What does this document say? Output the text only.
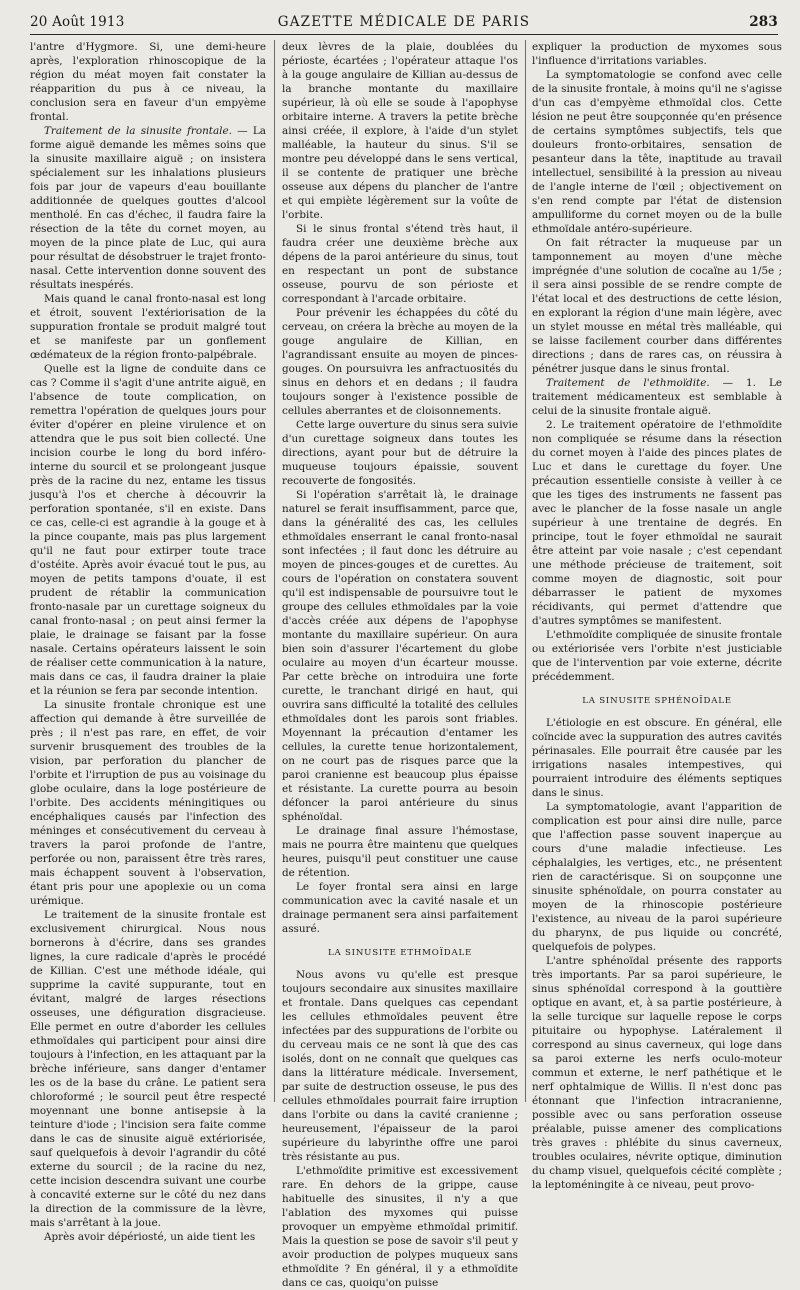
20 Août 1913	GAZETTE MÉDICALE DE PARIS	283

l'antre d'Hygmore. Si, une demi-heure après, l'exploration rhinoscopique de la région du méat moyen fait constater la réapparition du pus à ce niveau, la conclusion sera en faveur d'un empyème frontal.

Traitement de la sinusite frontale. — La forme aiguë demande les mêmes soins que la sinusite maxillaire aiguë ; on insistera spécialement sur les inhalations plusieurs fois par jour de vapeurs d'eau bouillante additionnée de quelques gouttes d'alcool mentholé. En cas d'échec, il faudra faire la résection de la tête du cornet moyen, au moyen de la pince plate de Luc, qui aura pour résultat de désobstruer le trajet fronto-nasal. Cette intervention donne souvent des résultats inespérés.

Mais quand le canal fronto-nasal est long et étroit, souvent l'extériorisation de la suppuration frontale se produit malgré tout et se manifeste par un gonflement œdémateux de la région fronto-palpébrale.

Quelle est la ligne de conduite dans ce cas ? Comme il s'agit d'une antrite aiguë, en l'absence de toute complication, on remettra l'opération de quelques jours pour éviter d'opérer en pleine virulence et on attendra que le pus soit bien collecté. Une incision courbe le long du bord inféro-interne du sourcil et se prolongeant jusque près de la racine du nez, entame les tissus jusqu'à l'os et cherche à découvrir la perforation spontanée, s'il en existe. Dans ce cas, celle-ci est agrandie à la gouge et à la pince coupante, mais pas plus largement qu'il ne faut pour extirper toute trace d'ostéite. Après avoir évacué tout le pus, au moyen de petits tampons d'ouate, il est prudent de rétablir la communication fronto-nasale par un curettage soigneux du canal fronto-nasal ; on peut ainsi fermer la plaie, le drainage se faisant par la fosse nasale. Certains opérateurs laissent le soin de réaliser cette communication à la nature, mais dans ce cas, il faudra drainer la plaie et la réunion se fera par seconde intention.

La sinusite frontale chronique est une affection qui demande à être surveillée de près ; il n'est pas rare, en effet, de voir survenir brusquement des troubles de la vision, par perforation du plancher de l'orbite et l'irruption de pus au voisinage du globe oculaire, dans la loge postérieure de l'orbite. Des accidents méningitiques ou encéphaliques causés par l'infection des méninges et consécutivement du cerveau à travers la paroi profonde de l'antre, perforée ou non, paraissent être très rares, mais échappent souvent à l'observation, étant pris pour une apoplexie ou un coma urémique.

Le traitement de la sinusite frontale est exclusivement chirurgical. Nous nous bornerons à d'écrire, dans ses grandes lignes, la cure radicale d'après le procédé de Killian. C'est une méthode idéale, qui supprime la cavité suppurante, tout en évitant, malgré de larges résections osseuses, une défiguration disgracieuse. Elle permet en outre d'aborder les cellules ethmoïdales qui participent pour ainsi dire toujours à l'infection, en les attaquant par la brèche inférieure, sans danger d'entamer les os de la base du crâne. Le patient sera chloroformé ; le sourcil peut être respecté moyennant une bonne antisepsie à la teinture d'iode ; l'incision sera faite comme dans le cas de sinusite aiguë extériorisée, sauf quelquefois à devoir l'agrandir du côté externe du sourcil ; de la racine du nez, cette incision descendra suivant une courbe à concavité externe sur le côté du nez dans la direction de la commissure de la lèvre, mais s'arrêtant à la joue.

Après avoir dépériosté, un aide tient les

deux lèvres de la plaie, doublées du périoste, écartées ; l'opérateur attaque l'os à la gouge angulaire de Killian au-dessus de la branche montante du maxillaire supérieur, là où elle se soude à l'apophyse orbitaire interne. A travers la petite brèche ainsi créée, il explore, à l'aide d'un stylet malléable, la hauteur du sinus. S'il se montre peu développé dans le sens vertical, il se contente de pratiquer une brèche osseuse aux dépens du plancher de l'antre et qui empiète légèrement sur la voûte de l'orbite.

Si le sinus frontal s'étend très haut, il faudra créer une deuxième brèche aux dépens de la paroi antérieure du sinus, tout en respectant un pont de substance osseuse, pourvu de son périoste et correspondant à l'arcade orbitaire.

Pour prévenir les échappées du côté du cerveau, on créera la brèche au moyen de la gouge angulaire de Killian, en l'agrandissant ensuite au moyen de pinces-gouges. On poursuivra les anfractuosités du sinus en dehors et en dedans ; il faudra toujours songer à l'existence possible de cellules aberrantes et de cloisonnements.

Cette large ouverture du sinus sera suivie d'un curettage soigneux dans toutes les directions, ayant pour but de détruire la muqueuse toujours épaissie, souvent recouverte de fongosités.

Si l'opération s'arrêtait là, le drainage naturel se ferait insuffisamment, parce que, dans la généralité des cas, les cellules ethmoïdales enserrant le canal fronto-nasal sont infectées ; il faut donc les détruire au moyen de pinces-gouges et de curettes. Au cours de l'opération on constatera souvent qu'il est indispensable de poursuivre tout le groupe des cellules ethmoïdales par la voie d'accès créée aux dépens de l'apophyse montante du maxillaire supérieur. On aura bien soin d'assurer l'écartement du globe oculaire au moyen d'un écarteur mousse. Par cette brèche on introduira une forte curette, le tranchant dirigé en haut, qui ouvrira sans difficulté la totalité des cellules ethmoïdales dont les parois sont friables. Moyennant la précaution d'entamer les cellules, la curette tenue horizontalement, on ne court pas de risques parce que la paroi cranienne est beaucoup plus épaisse et résistante. La curette pourra au besoin défoncer la paroi antérieure du sinus sphénoïdal.

Le drainage final assure l'hémostase, mais ne pourra être maintenu que quelques heures, puisqu'il peut constituer une cause de rétention.

Le foyer frontal sera ainsi en large communication avec la cavité nasale et un drainage permanent sera ainsi parfaitement assuré.

LA SINUSITE ETHMOÏDALE

Nous avons vu qu'elle est presque toujours secondaire aux sinusites maxillaire et frontale. Dans quelques cas cependant les cellules ethmoïdales peuvent être infectées par des suppurations de l'orbite ou du cerveau mais ce ne sont là que des cas isolés, dont on ne connaît que quelques cas dans la littérature médicale. Inversement, par suite de destruction osseuse, le pus des cellules ethmoïdales pourrait faire irruption dans l'orbite ou dans la cavité cranienne ; heureusement, l'épaisseur de la paroi supérieure du labyrinthe offre une paroi très résistante au pus.

L'ethmoïdite primitive est excessivement rare. En dehors de la grippe, cause habituelle des sinusites, il n'y a que l'ablation des myxomes qui puisse provoquer un empyème ethmoïdal primitif. Mais la question se pose de savoir s'il peut y avoir production de polypes muqueux sans ethmoïdite ? En général, il y a ethmoïdite dans ce cas, quoiqu'on puisse

expliquer la production de myxomes sous l'influence d'irritations variables.

La symptomatologie se confond avec celle de la sinusite frontale, à moins qu'il ne s'agisse d'un cas d'empyème ethmoïdal clos. Cette lésion ne peut être soupçonnée qu'en présence de certains symptômes subjectifs, tels que douleurs fronto-orbitaires, sensation de pesanteur dans la tête, inaptitude au travail intellectuel, sensibilité à la pression au niveau de l'angle interne de l'œil ; objectivement on s'en rend compte par l'état de distension ampulliforme du cornet moyen ou de la bulle ethmoïdale antéro-supérieure.

On fait rétracter la muqueuse par un tamponnement au moyen d'une mèche imprégnée d'une solution de cocaïne au 1/5e ; il sera ainsi possible de se rendre compte de l'état local et des destructions de cette lésion, en explorant la région d'une main légère, avec un stylet mousse en métal très malléable, qui se laisse facilement courber dans différentes directions ; dans de rares cas, on réussira à pénétrer jusque dans le sinus frontal.

Traitement de l'ethmoïdite. — 1. Le traitement médicamenteux est semblable à celui de la sinusite frontale aiguë.

2. Le traitement opératoire de l'ethmoïdite non compliquée se résume dans la résection du cornet moyen à l'aide des pinces plates de Luc et dans le curettage du foyer. Une précaution essentielle consiste à veiller à ce que les tiges des instruments ne fassent pas avec le plancher de la fosse nasale un angle supérieur à une trentaine de degrés. En principe, tout le foyer ethmoïdal ne saurait être atteint par voie nasale ; c'est cependant une méthode précieuse de traitement, soit comme moyen de diagnostic, soit pour débarrasser le patient de myxomes récidivants, qui permet d'attendre que d'autres symptômes se manifestent.

L'ethmoïdite compliquée de sinusite frontale ou extériorisée vers l'orbite n'est justiciable que de l'intervention par voie externe, décrite précédemment.

LA SINUSITE SPHÉNOÏDALE

L'étiologie en est obscure. En général, elle coïncide avec la suppuration des autres cavités périnasales. Elle pourrait être causée par les irrigations nasales intempestives, qui pourraient introduire des éléments septiques dans le sinus.

La symptomatologie, avant l'apparition de complication est pour ainsi dire nulle, parce que l'affection passe souvent inaperçue au cours d'une maladie infectieuse. Les céphalalgies, les vertiges, etc., ne présentent rien de caractérisque. Si on soupçonne une sinusite sphénoïdale, on pourra constater au moyen de la rhinoscopie postérieure l'existence, au niveau de la paroi supérieure du pharynx, de pus liquide ou concrété, quelquefois de polypes.

L'antre sphénoïdal présente des rapports très importants. Par sa paroi supérieure, le sinus sphénoïdal correspond à la gouttière optique en avant, et, à sa partie postérieure, à la selle turcique sur laquelle repose le corps pituitaire ou hypophyse. Latéralement il correspond au sinus caverneux, qui loge dans sa paroi externe les nerfs oculo-moteur commun et externe, le nerf pathétique et le nerf ophtalmique de Willis. Il n'est donc pas étonnant que l'infection intracranienne, possible avec ou sans perforation osseuse préalable, puisse amener des complications très graves : phlébite du sinus caverneux, troubles oculaires, névrite optique, diminution du champ visuel, quelquefois cécité complète ; la leptoméningite à ce niveau, peut provo-
